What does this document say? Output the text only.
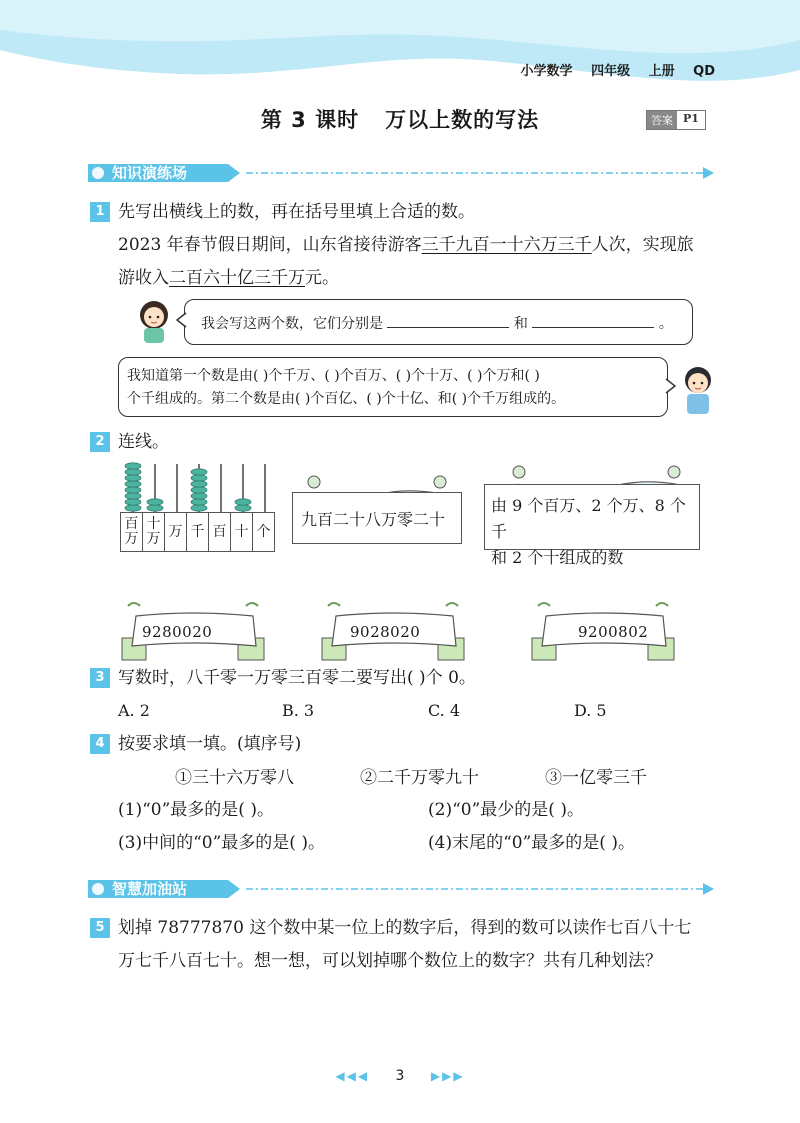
小学数学 四年级 上册 QD
第 3 课时 万以上数的写法	答案 P1
知识演练场
1 先写出横线上的数，再在括号里填上合适的数。
2023 年春节假日期间，山东省接待游客三千九百一十六万三千人次，实现旅
游收入二百六十亿三千万元。
我会写这两个数，它们分别是	和	。
我知道第一个数是由( )个千万、( )个百万、( )个十万、( )个万和( )
个千组成的。第二个数是由( )个百亿、( )个十亿、和( )个千万组成的。
2 连线。
百万
十万 万 千 百 十 个
九百二十八万零二十
由 9 个百万、2 个万、8 个千
和 2 个十组成的数
9280020	9028020	9200802
3 写数时，八千零一万零三百零二要写出( )个 0。
A. 2	B. 3	C. 4	D. 5
4 按要求填一填。(填序号)
①三十六万零八	②二千万零九十	③一亿零三千
(1)“0”最多的是( )。	(2)“0”最少的是( )。
(3)中间的“0”最多的是( )。	(4)末尾的“0”最多的是( )。
智慧加油站
5 划掉 78777870 这个数中某一位上的数字后，得到的数可以读作七百八十七
万七千八百七十。想一想，可以划掉哪个数位上的数字？共有几种划法？
◀◀◀ 3 ▶▶▶
